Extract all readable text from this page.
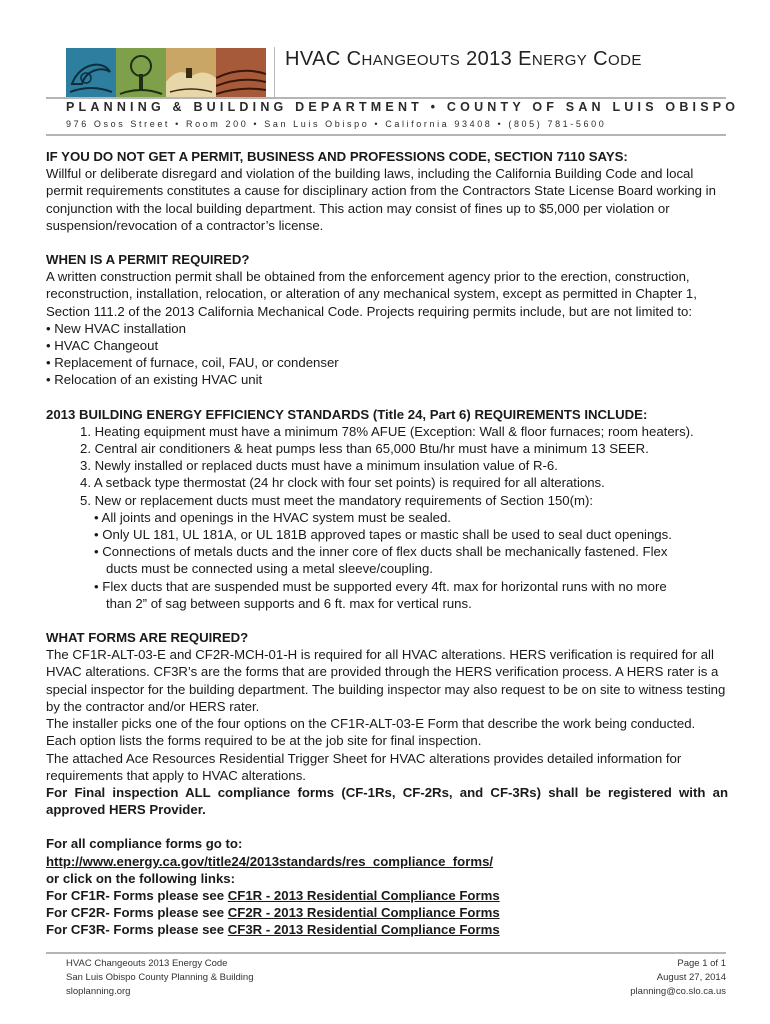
HVAC CHANGEOUTS 2013 ENERGY CODE
PLANNING & BUILDING DEPARTMENT • COUNTY OF SAN LUIS OBISPO
976 Osos Street • Room 200 • San Luis Obispo • California 93408 • (805) 781-5600

IF YOU DO NOT GET A PERMIT, BUSINESS AND PROFESSIONS CODE, SECTION 7110 SAYS:

Willful or deliberate disregard and violation of the building laws, including the California Building Code and local permit requirements constitutes a cause for disciplinary action from the Contractors State License Board working in conjunction with the local building department. This action may consist of fines up to $5,000 per violation or suspension/revocation of a contractor’s license.

WHEN IS A PERMIT REQUIRED?

A written construction permit shall be obtained from the enforcement agency prior to the erection, construction, reconstruction, installation, relocation, or alteration of any mechanical system, except as permitted in Chapter 1, Section 111.2 of the 2013 California Mechanical Code. Projects requiring permits include, but are not limited to:

• New HVAC installation

• HVAC Changeout

• Replacement of furnace, coil, FAU, or condenser

• Relocation of an existing HVAC unit

2013 BUILDING ENERGY EFFICIENCY STANDARDS (Title 24, Part 6) REQUIREMENTS INCLUDE:

1. Heating equipment must have a minimum 78% AFUE (Exception: Wall & floor furnaces; room heaters).

2. Central air conditioners & heat pumps less than 65,000 Btu/hr must have a minimum 13 SEER.

3. Newly installed or replaced ducts must have a minimum insulation value of R-6.

4. A setback type thermostat (24 hr clock with four set points) is required for all alterations.

5. New or replacement ducts must meet the mandatory requirements of Section 150(m):

• All joints and openings in the HVAC system must be sealed.

• Only UL 181, UL 181A, or UL 181B approved tapes or mastic shall be used to seal duct openings.

• Connections of metals ducts and the inner core of flex ducts shall be mechanically fastened. Flex

ducts must be connected using a metal sleeve/coupling.

• Flex ducts that are suspended must be supported every 4ft. max for horizontal runs with no more

than 2” of sag between supports and 6 ft. max for vertical runs.

WHAT FORMS ARE REQUIRED?

The CF1R-ALT-03-E and CF2R-MCH-01-H is required for all HVAC alterations. HERS verification is required for all HVAC alterations. CF3R’s are the forms that are provided through the HERS verification process. A HERS rater is a special inspector for the building department. The building inspector may also request to be on site to witness testing by the contractor and/or HERS rater.

The installer picks one of the four options on the CF1R-ALT-03-E Form that describe the work being conducted. Each option lists the forms required to be at the job site for final inspection.

The attached Ace Resources Residential Trigger Sheet for HVAC alterations provides detailed information for requirements that apply to HVAC alterations.

For Final inspection ALL compliance forms (CF-1Rs, CF-2Rs, and CF-3Rs) shall be registered with an approved HERS Provider.

For all compliance forms go to:

http://www.energy.ca.gov/title24/2013standards/res_compliance_forms/

or click on the following links:

For CF1R- Forms please see CF1R - 2013 Residential Compliance Forms

For CF2R- Forms please see CF2R - 2013 Residential Compliance Forms

For CF3R- Forms please see CF3R - 2013 Residential Compliance Forms

HVAC Changeouts 2013 Energy Code
San Luis Obispo County Planning & Building
sloplanning.org
Page 1 of 1
August 27, 2014
planning@co.slo.ca.us
